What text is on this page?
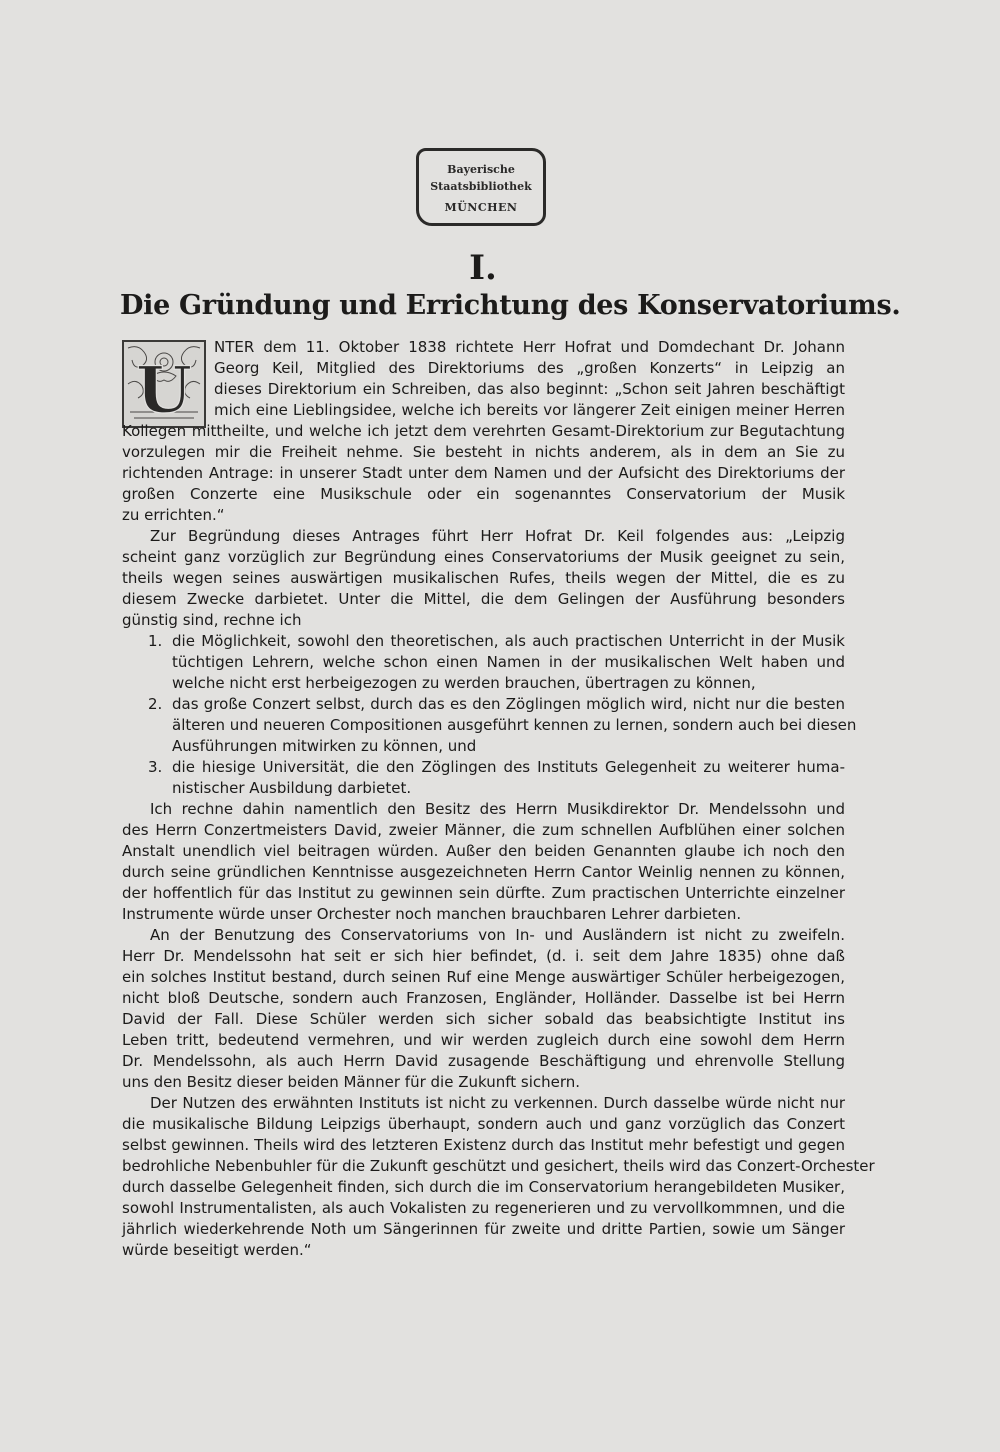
Bayerische
Staatsbibliothek
MÜNCHEN
I.
Die Gründung und Errichtung des Konservatoriums.
U
NTER dem 11. Oktober 1838 richtete Herr Hofrat und Domdechant Dr. Johann
Georg Keil, Mitglied des Direktoriums des „großen Konzerts“ in Leipzig an
dieses Direktorium ein Schreiben, das also beginnt: „Schon seit Jahren beschäftigt
mich eine Lieblingsidee, welche ich bereits vor längerer Zeit einigen meiner Herren
Kollegen mittheilte, und welche ich jetzt dem verehrten Gesamt-Direktorium zur Begutachtung
vorzulegen mir die Freiheit nehme. Sie besteht in nichts anderem, als in dem an Sie zu
richtenden Antrage: in unserer Stadt unter dem Namen und der Aufsicht des Direktoriums der
großen Conzerte eine Musikschule oder ein sogenanntes Conservatorium der Musik
zu errichten.“
Zur Begründung dieses Antrages führt Herr Hofrat Dr. Keil folgendes aus: „Leipzig
scheint ganz vorzüglich zur Begründung eines Conservatoriums der Musik geeignet zu sein,
theils wegen seines auswärtigen musikalischen Rufes, theils wegen der Mittel, die es zu
diesem Zwecke darbietet. Unter die Mittel, die dem Gelingen der Ausführung besonders
günstig sind, rechne ich
1. die Möglichkeit, sowohl den theoretischen, als auch practischen Unterricht in der Musik
tüchtigen Lehrern, welche schon einen Namen in der musikalischen Welt haben und
welche nicht erst herbeigezogen zu werden brauchen, übertragen zu können,
2. das große Conzert selbst, durch das es den Zöglingen möglich wird, nicht nur die besten
älteren und neueren Compositionen ausgeführt kennen zu lernen, sondern auch bei diesen
Ausführungen mitwirken zu können, und
3. die hiesige Universität, die den Zöglingen des Instituts Gelegenheit zu weiterer huma-
nistischer Ausbildung darbietet.
Ich rechne dahin namentlich den Besitz des Herrn Musikdirektor Dr. Mendelssohn und
des Herrn Conzertmeisters David, zweier Männer, die zum schnellen Aufblühen einer solchen
Anstalt unendlich viel beitragen würden. Außer den beiden Genannten glaube ich noch den
durch seine gründlichen Kenntnisse ausgezeichneten Herrn Cantor Weinlig nennen zu können,
der hoffentlich für das Institut zu gewinnen sein dürfte. Zum practischen Unterrichte einzelner
Instrumente würde unser Orchester noch manchen brauchbaren Lehrer darbieten.
An der Benutzung des Conservatoriums von In- und Ausländern ist nicht zu zweifeln.
Herr Dr. Mendelssohn hat seit er sich hier befindet, (d. i. seit dem Jahre 1835) ohne daß
ein solches Institut bestand, durch seinen Ruf eine Menge auswärtiger Schüler herbeigezogen,
nicht bloß Deutsche, sondern auch Franzosen, Engländer, Holländer. Dasselbe ist bei Herrn
David der Fall. Diese Schüler werden sich sicher sobald das beabsichtigte Institut ins
Leben tritt, bedeutend vermehren, und wir werden zugleich durch eine sowohl dem Herrn
Dr. Mendelssohn, als auch Herrn David zusagende Beschäftigung und ehrenvolle Stellung
uns den Besitz dieser beiden Männer für die Zukunft sichern.
Der Nutzen des erwähnten Instituts ist nicht zu verkennen. Durch dasselbe würde nicht nur
die musikalische Bildung Leipzigs überhaupt, sondern auch und ganz vorzüglich das Conzert
selbst gewinnen. Theils wird des letzteren Existenz durch das Institut mehr befestigt und gegen
bedrohliche Nebenbuhler für die Zukunft geschützt und gesichert, theils wird das Conzert-Orchester
durch dasselbe Gelegenheit finden, sich durch die im Conservatorium herangebildeten Musiker,
sowohl Instrumentalisten, als auch Vokalisten zu regenerieren und zu vervollkommnen, und die
jährlich wiederkehrende Noth um Sängerinnen für zweite und dritte Partien, sowie um Sänger
würde beseitigt werden.“
